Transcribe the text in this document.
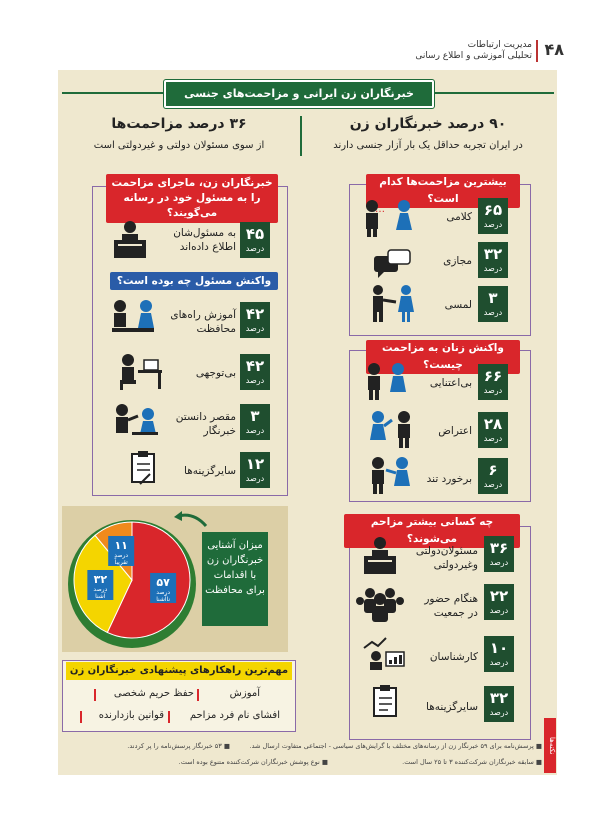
۴۸
مدیریت ارتباطات
تحلیلی آموزشی و اطلاع رسانی
خبرنگاران زن ایرانی و مزاحمت‌های جنسی
۹۰ درصد خبرنگاران زن
در ایران تجربه حداقل یک بار آزار جنسی دارند
۳۶ درصد مزاحمت‌ها
از سوی مسئولان دولتی و غیردولتی است
بیشترین مزاحمت‌ها کدام است؟
۶۵
درصد
کلامی
…
۳۲
درصد
مجازی
۳
درصد
لمسی
واکنش زنان به مزاحمت چیست؟
۶۶
درصد
بی‌اعتنایی
۲۸
درصد
اعتراض
۶
درصد
برخورد تند
چه کسانی بیشتر مزاحم می‌شوند؟	۳۶
درصد
مسئولان‌دولتی
و‌غیردولتی
۲۲
درصد
هنگام حضور
در جمعیت
۱۰
درصد
کارشناسان
۳۲
درصد
سایرگزینه‌ها
خبرنگاران زن، ماجرای مزاحمت
را به مسئول خود در رسانه می‌گویند؟
۴۵
درصد
به مسئول‌شان
اطلاع داده‌اند
واکنش مسئول چه بوده است؟
۴۲
درصد
آموزش راه‌های
محافظت
۴۲
درصد
بی‌توجهی
۳
درصد
مقصر دانستن
خبرنگار
۱۲
درصد
سایرگزینه‌ها
میزان آشنایی
خبرنگاران زن
با اقدامات
برای محافظت
۵۷
درصد
ناآشنا
۳۲
درصد
آشنا
۱۱
درصد
تقریباً
مهم‌ترین راهکارهای پیشنهادی خبرنگاران زن
آموزش
حفظ حریم شخصی
قوانین بازدارنده	افشای نام فرد مزاحم
نکته‌ها
■ پرسش‌نامه برای ۵۹ خبرنگار زن از رسانه‌های مختلف با گرایش‌های سیاسی - اجتماعی متفاوت ارسال شد.
■ ۵۳ خبرنگار پرسش‌نامه را پر کردند.
■ سابقه خبرنگاران شرکت‌کننده ۳ تا ۲۵ سال است.
■ نوع پوشش خبرنگاران شرکت‌کننده متنوع بوده است.
